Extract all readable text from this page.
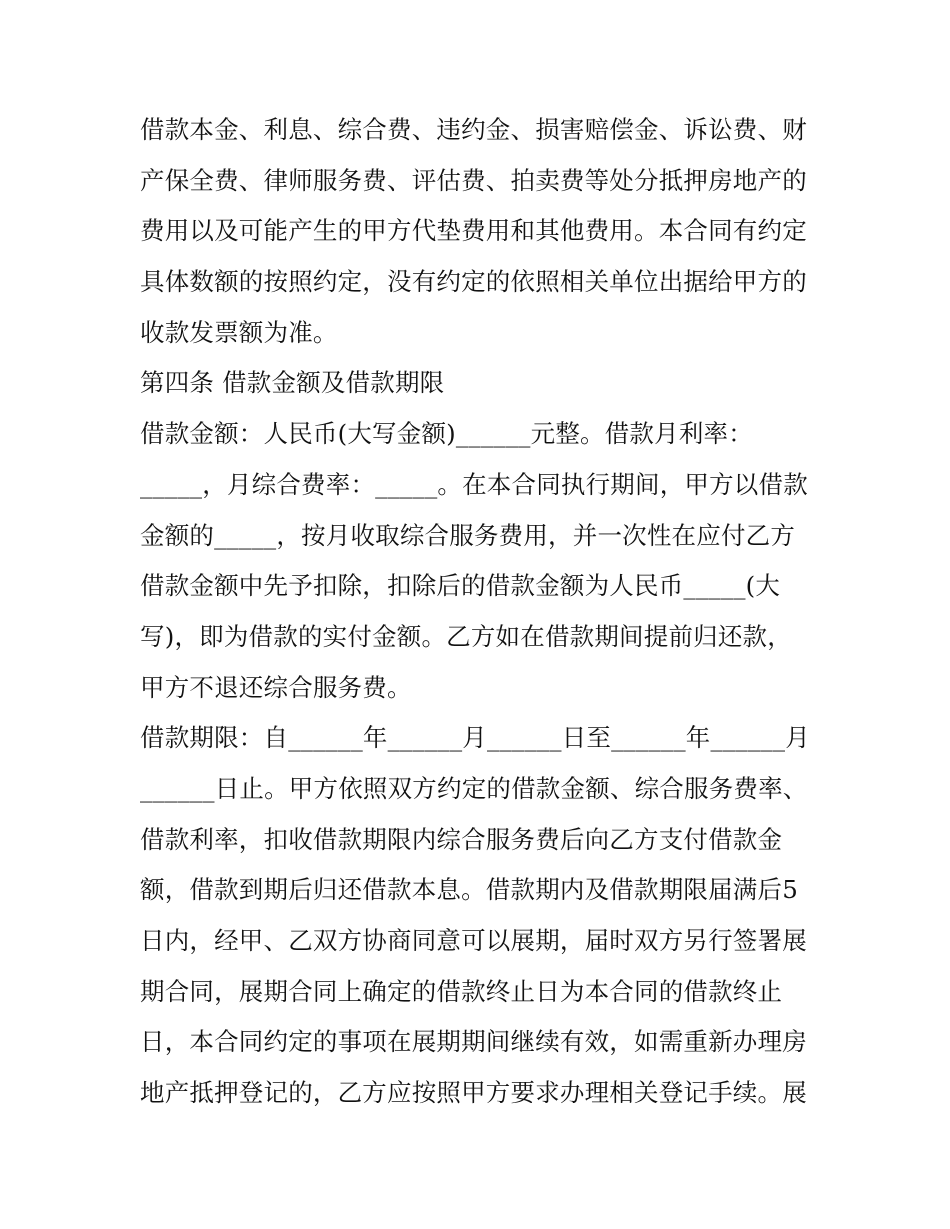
借款本金、利息、综合费、违约金、损害赔偿金、诉讼费、财
产保全费、律师服务费、评估费、拍卖费等处分抵押房地产的
费用以及可能产生的甲方代垫费用和其他费用。本合同有约定
具体数额的按照约定，没有约定的依照相关单位出据给甲方的
收款发票额为准。
第四条 借款金额及借款期限
借款金额：人民币(大写金额)______元整。借款月利率：
_____，月综合费率：_____。在本合同执行期间，甲方以借款
金额的_____，按月收取综合服务费用，并一次性在应付乙方
借款金额中先予扣除，扣除后的借款金额为人民币_____(大
写)，即为借款的实付金额。乙方如在借款期间提前归还款，
甲方不退还综合服务费。
借款期限：自______年______月______日至______年______月
______日止。甲方依照双方约定的借款金额、综合服务费率、
借款利率，扣收借款期限内综合服务费后向乙方支付借款金
额，借款到期后归还借款本息。借款期内及借款期限届满后5
日内，经甲、乙双方协商同意可以展期，届时双方另行签署展
期合同，展期合同上确定的借款终止日为本合同的借款终止
日，本合同约定的事项在展期期间继续有效，如需重新办理房
地产抵押登记的，乙方应按照甲方要求办理相关登记手续。展
